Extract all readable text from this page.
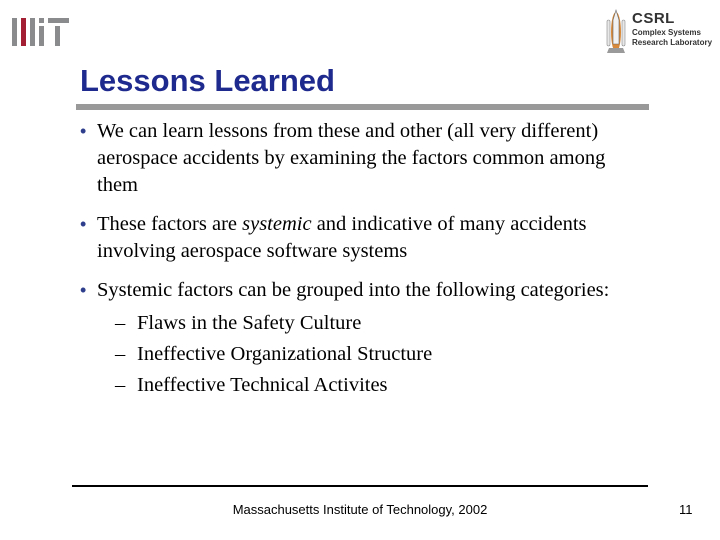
CSRL
Complex Systems
Research Laboratory
Lessons Learned
• We can learn lessons from these and other (all very different) aerospace accidents by examining the factors common among them
• These factors are systemic and indicative of many accidents involving aerospace software systems
• Systemic factors can be grouped into the following categories:
– Flaws in the Safety Culture
– Ineffective Organizational Structure
– Ineffective Technical Activites
Massachusetts Institute of Technology, 2002	11
